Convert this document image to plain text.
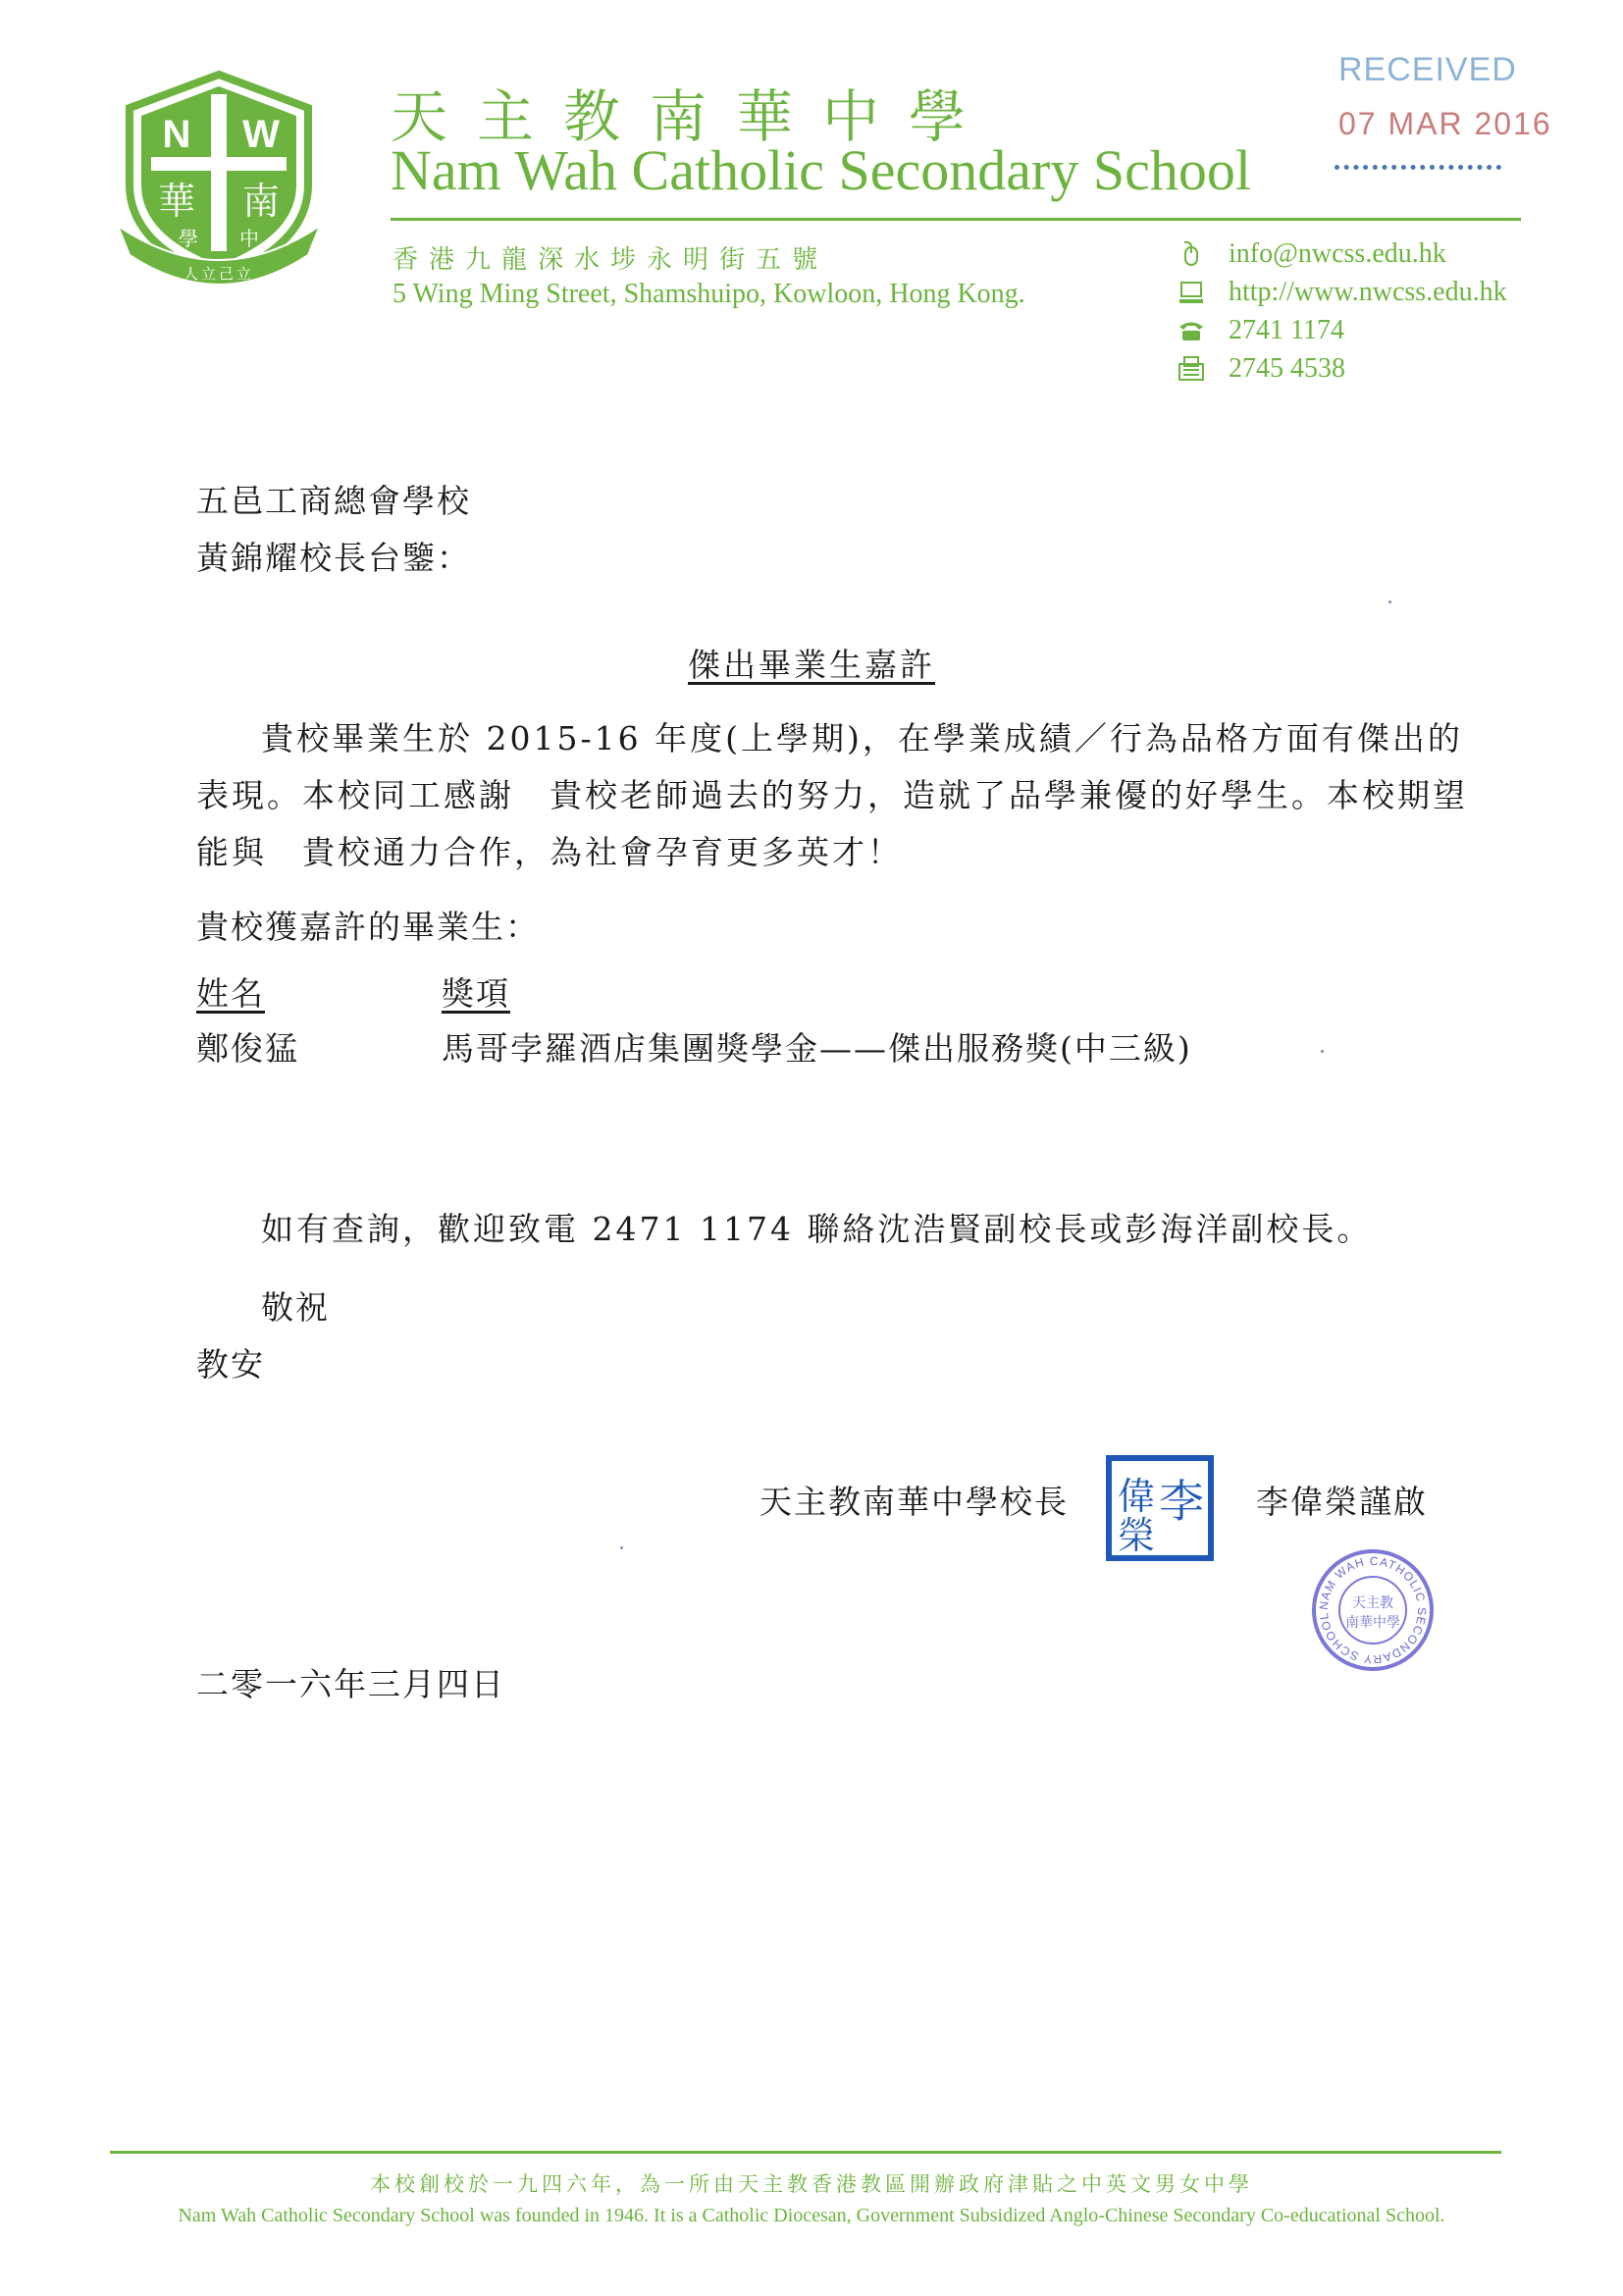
N W
華 南
學 中
人立己立
天主教南華中學
Nam Wah Catholic Secondary School
香港九龍深水埗永明街五號
5 Wing Ming Street, Shamshuipo, Kowloon, Hong Kong.
info@nwcss.edu.hk
http://www.nwcss.edu.hk
2741 1174
2745 4538
RECEIVED
07 MAR 2016
五邑工商總會學校
黃錦耀校長台鑒：
傑出畢業生嘉許
貴校畢業生於 2015-16 年度(上學期)，在學業成績／行為品格方面有傑出的表現。本校同工感謝　貴校老師過去的努力，造就了品學兼優的好學生。本校期望能與　貴校通力合作，為社會孕育更多英才！
貴校獲嘉許的畢業生：
姓名	獎項
鄭俊猛	馬哥孛羅酒店集團獎學金——傑出服務獎(中三級)
如有查詢，歡迎致電 2471 1174 聯絡沈浩賢副校長或彭海洋副校長。
敬祝
教安
天主教南華中學校長 李
偉
榮
李偉榮謹啟
NAM WAH CATHOLIC SECONDARY SCHOOL
天主教
南華中學
二零一六年三月四日
本校創校於一九四六年，為一所由天主教香港教區開辦政府津貼之中英文男女中學
Nam Wah Catholic Secondary School was founded in 1946. It is a Catholic Diocesan, Government Subsidized Anglo-Chinese Secondary Co-educational School.
